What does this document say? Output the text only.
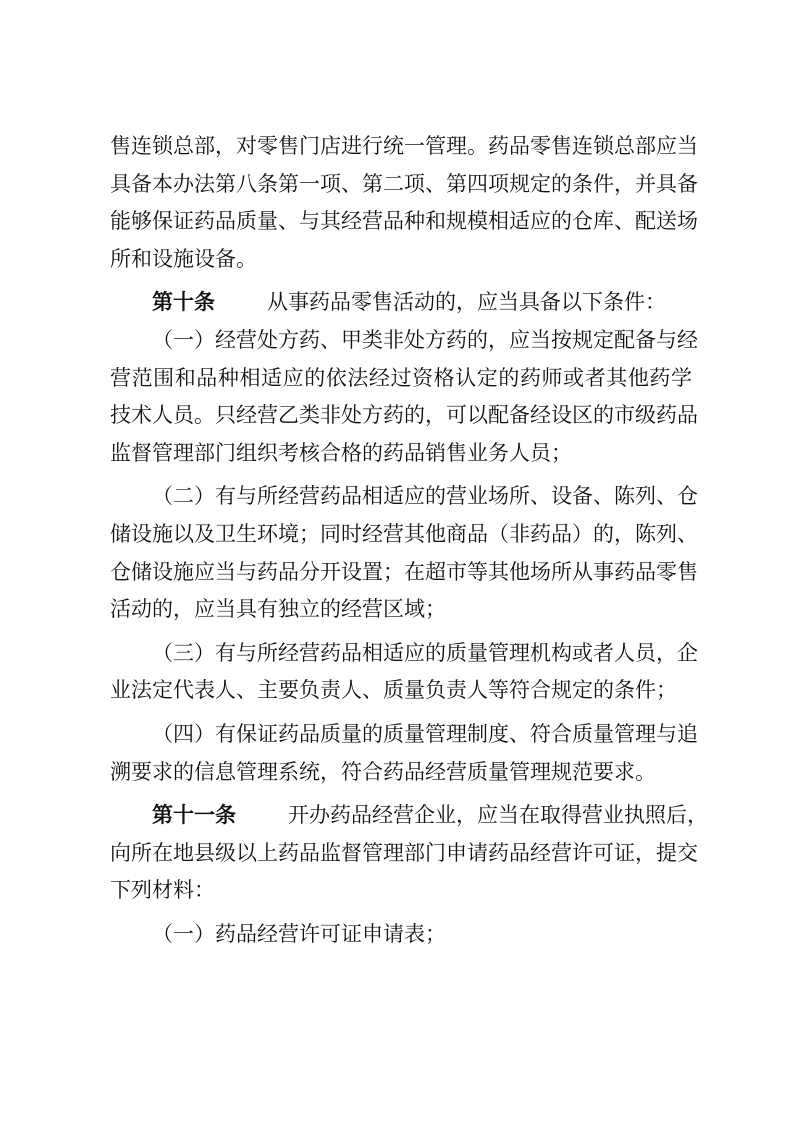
售连锁总部，对零售门店进行统一管理。药品零售连锁总部应当
具备本办法第八条第一项、第二项、第四项规定的条件，并具备
能够保证药品质量、与其经营品种和规模相适应的仓库、配送场
所和设施设备。
第十条 从事药品零售活动的，应当具备以下条件：
（一）经营处方药、甲类非处方药的，应当按规定配备与经
营范围和品种相适应的依法经过资格认定的药师或者其他药学
技术人员。只经营乙类非处方药的，可以配备经设区的市级药品
监督管理部门组织考核合格的药品销售业务人员；
（二）有与所经营药品相适应的营业场所、设备、陈列、仓
储设施以及卫生环境；同时经营其他商品（非药品）的，陈列、
仓储设施应当与药品分开设置；在超市等其他场所从事药品零售
活动的，应当具有独立的经营区域；
（三）有与所经营药品相适应的质量管理机构或者人员，企
业法定代表人、主要负责人、质量负责人等符合规定的条件；
（四）有保证药品质量的质量管理制度、符合质量管理与追
溯要求的信息管理系统，符合药品经营质量管理规范要求。
第十一条 开办药品经营企业，应当在取得营业执照后，
向所在地县级以上药品监督管理部门申请药品经营许可证，提交
下列材料：
（一）药品经营许可证申请表；
